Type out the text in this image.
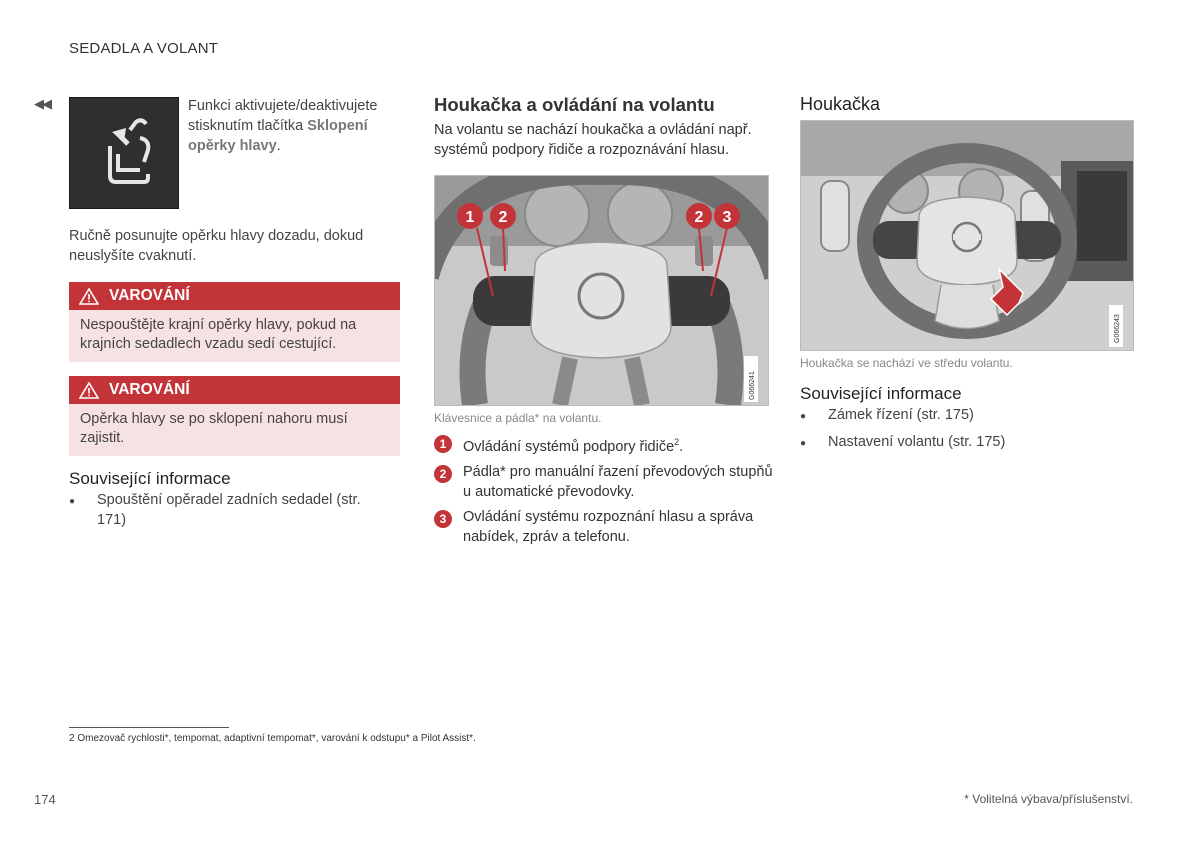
SEDADLA A VOLANT
◀◀	Funkci aktivujete/deaktivujete stisknutím tlačítka Sklopení opěrky hlavy.
Ručně posunujte opěrku hlavy dozadu, dokud neuslyšíte cvaknutí.
VAROVÁNÍ
Nespouštějte krajní opěrky hlavy, pokud na krajních sedadlech vzadu sedí cestující.
VAROVÁNÍ
Opěrka hlavy se po sklopení nahoru musí zajistit.
Související informace
●	Spouštění opěradel zadních sedadel (str. 171)
Houkačka a ovládání na volantu
Na volantu se nachází houkačka a ovládání např. systémů podpory řidiče a rozpoznávání hlasu.
1 2	2 3
G066241
Klávesnice a pádla* na volantu.
1	Ovládání systémů podpory řidiče$^2$.
2	Pádla* pro manuální řazení převodových stupňů u automatické převodovky.
3	Ovládání systému rozpoznání hlasu a správa nabídek, zpráv a telefonu.
Houkačka
G066243
Houkačka se nachází ve středu volantu.
Související informace
●	Zámek řízení (str. 175)
●	Nastavení volantu (str. 175)
2 Omezovač rychlosti*, tempomat, adaptivní tempomat*, varování k odstupu* a Pilot Assist*.
174	* Volitelná výbava/příslušenství.
